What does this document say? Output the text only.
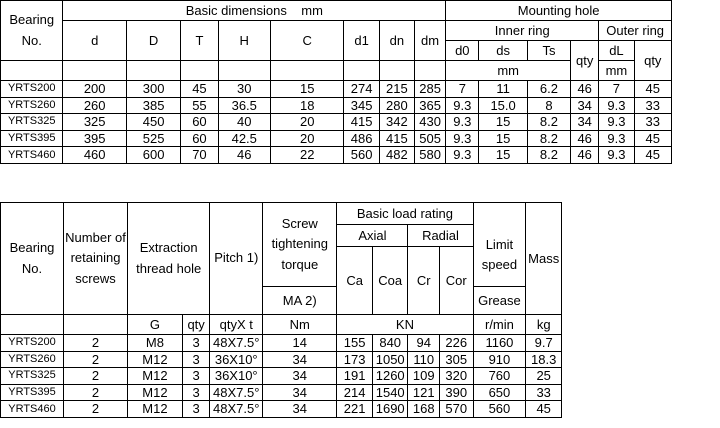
Bearing No.	Basic dimensions    mm								Mounting hole					
	d	D	T	H	C	d1	dn	dm	Inner ring				Outer ring	
									d0	ds	Ts	qty	dL	qty
									mm				mm	
YRTS200	200	300	45	30	15	274	215	285	7	11	6.2	46	7	45
YRTS260	260	385	55	36.5	18	345	280	365	9.3	15.0	8	34	9.3	33
YRTS325	325	450	60	40	20	415	342	430	9.3	15	8.2	34	9.3	33
YRTS395	395	525	60	42.5	20	486	415	505	9.3	15	8.2	46	9.3	45
YRTS460	460	600	70	46	22	560	482	580	9.3	15	8.2	46	9.3	45
Bearing No.	Number of retaining screws	Extraction thread hole		Pitch 1)	Screw tightening torque	Basic load rating					Mass
						Axial		Radial		Limit speed	
						Ca	Coa	Cr	Cor		
					MA 2)					Grease	
		G	qty	qtyX t	Nm	KN				r/min	kg
YRTS200	2	M8	3	48X7.5°	14	155	840	94	226	1160	9.7
YRTS260	2	M12	3	36X10°	34	173	1050	110	305	910	18.3
YRTS325	2	M12	3	36X10°	34	191	1260	109	320	760	25
YRTS395	2	M12	3	48X7.5°	34	214	1540	121	390	650	33
YRTS460	2	M12	3	48X7.5°	34	221	1690	168	570	560	45
